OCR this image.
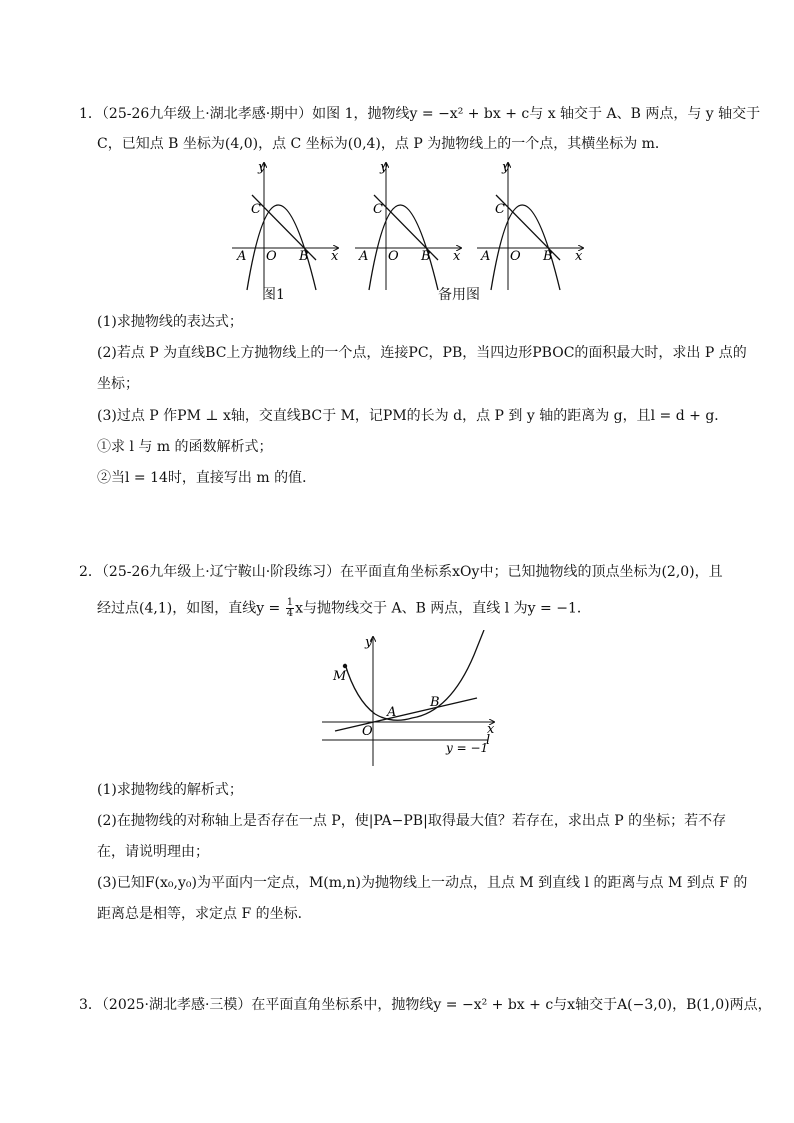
1．（25-26九年级上·湖北孝感·期中）如图 1，抛物线y = −x² + bx + c与 x 轴交于 A、B 两点，与 y 轴交于
C，已知点 B 坐标为(4,0)，点 C 坐标为(0,4)，点 P 为抛物线上的一个点，其横坐标为 m．
y
x
A O B
C
y
x
A O B
C
y
x
A O B
C
图1	备用图
(1)求抛物线的表达式；
(2)若点 P 为直线BC上方抛物线上的一个点，连接PC，PB，当四边形PBOC的面积最大时，求出 P 点的
坐标；
(3)过点 P 作PM ⊥ x轴，交直线BC于 M，记PM的长为 d，点 P 到 y 轴的距离为 g，且l = d + g．
①求 l 与 m 的函数解析式；
②当l = 14时，直接写出 m 的值．
2．（25-26九年级上·辽宁鞍山·阶段练习）在平面直角坐标系xOy中；已知抛物线的顶点坐标为(2,0)，且
经过点(4,1)，如图，直线$y = \frac{1}{4}$ x与抛物线交于 A、B 两点，直线 l 为y = −1．
y
x
O
M
A
B
l
y = −1
(1)求抛物线的解析式；
(2)在抛物线的对称轴上是否存在一点 P，使|PA−PB|取得最大值？若存在，求出点 P 的坐标；若不存
在，请说明理由；
(3)已知F(x₀,y₀)为平面内一定点，M(m,n)为抛物线上一动点，且点 M 到直线 l 的距离与点 M 到点 F 的
距离总是相等，求定点 F 的坐标．
3．（2025·湖北孝感·三模）在平面直角坐标系中，抛物线y = −x² + bx + c与x轴交于A(−3,0)，B(1,0)两点，
